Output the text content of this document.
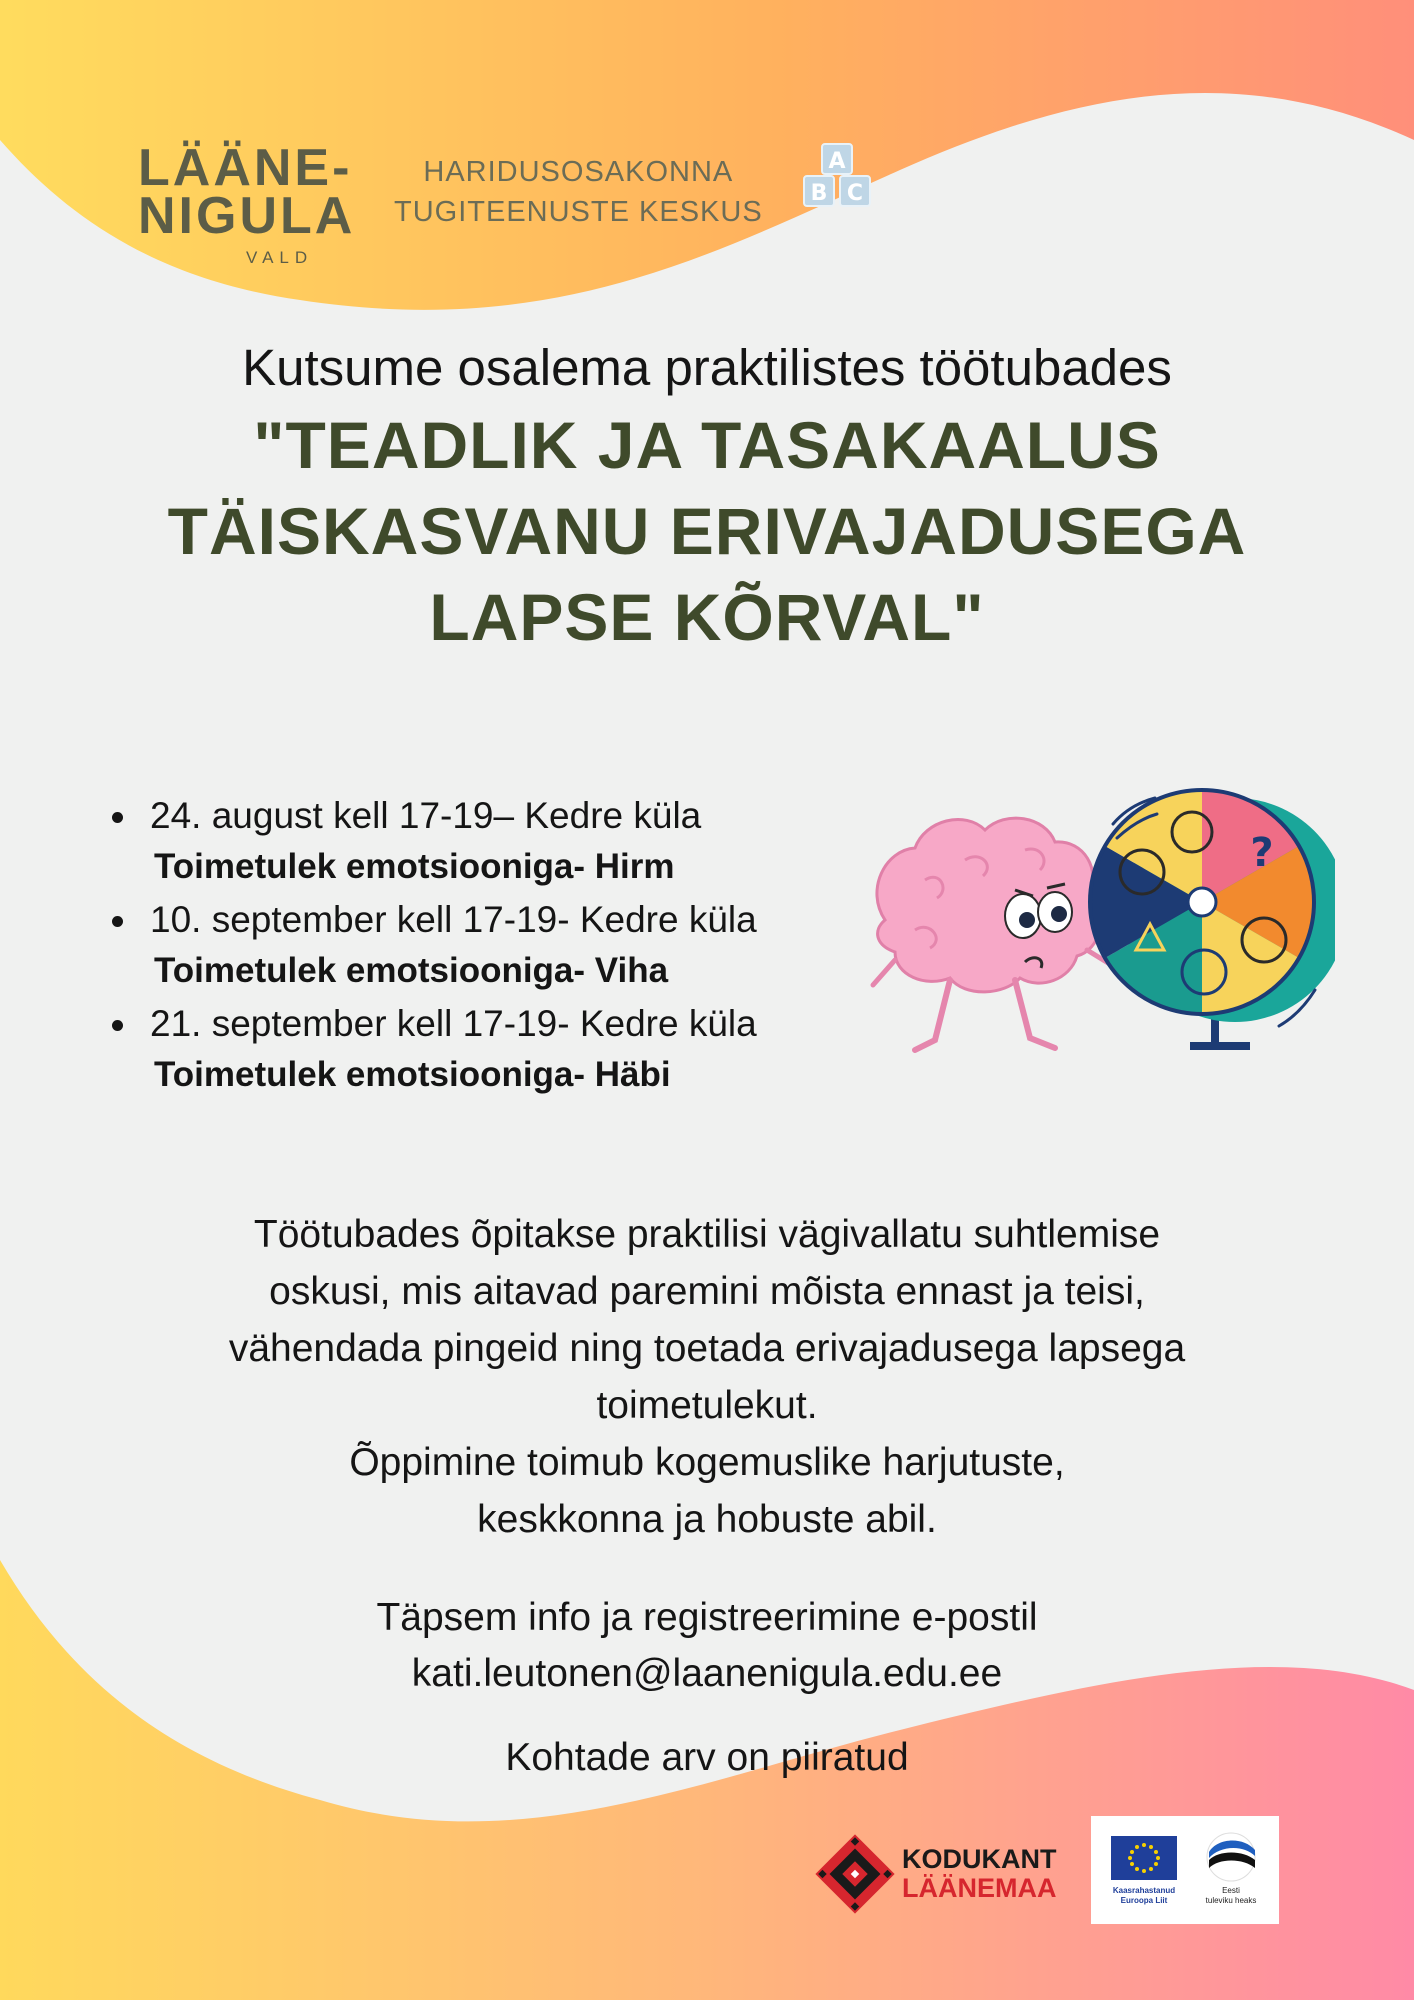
LÄÄNE-
NIGULA
VALD
HARIDUSOSAKONNA
TUGITEENUSTE KESKUS
A
B C
Kutsume osalema praktilistes töötubades
"TEADLIK JA TASAKAALUS
TÄISKASVANU ERIVAJADUSEGA
LAPSE KÕRVAL"
24. august kell 17-19– Kedre küla
Toimetulek emotsiooniga- Hirm
10. september kell 17-19- Kedre küla
Toimetulek emotsiooniga- Viha
21. september kell 17-19- Kedre küla
Toimetulek emotsiooniga- Häbi
?
Töötubades õpitakse praktilisi vägivallatu suhtlemise
oskusi, mis aitavad paremini mõista ennast ja teisi,
vähendada pingeid ning toetada erivajadusega lapsega
toimetulekut.
Õppimine toimub kogemuslike harjutuste,
keskkonna ja hobuste abil.
Täpsem info ja registreerimine e-postil
kati.leutonen@laanenigula.edu.ee
Kohtade arv on piiratud
KODUKANT
LÄÄNEMAA	Kaasrahastanud
Euroopa Liit
Eesti
tuleviku heaks
